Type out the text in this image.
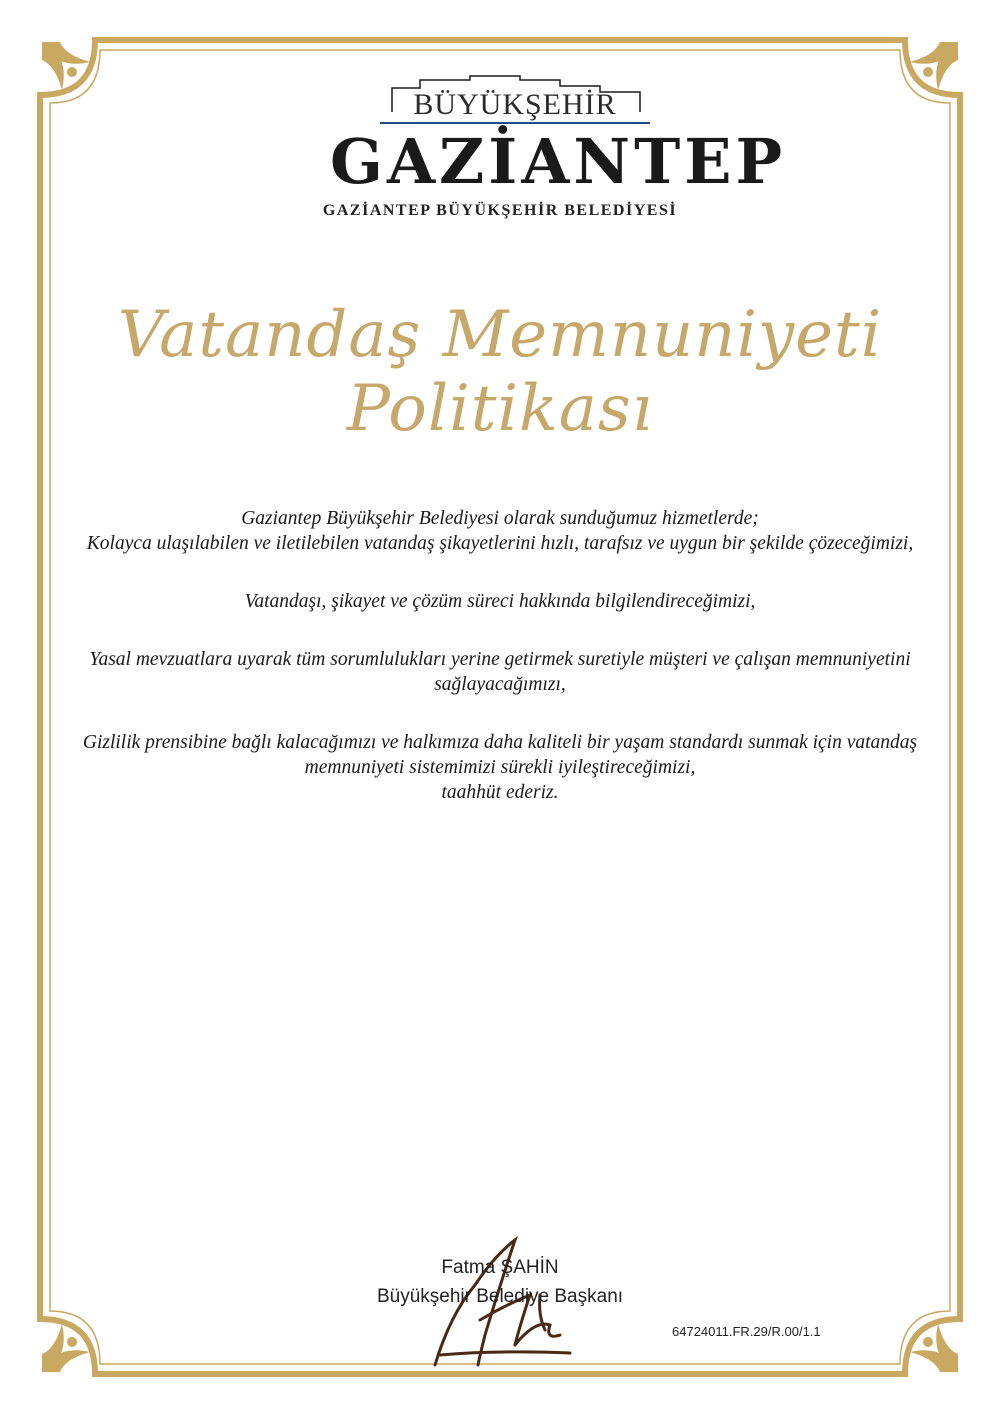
BÜYÜKŞEHİR
GAZİANTEP
GAZİANTEP BÜYÜKŞEHİR BELEDİYESİ
Vatandaş Memnuniyeti Politikası

Gaziantep Büyükşehir Belediyesi olarak sunduğumuz hizmetlerde;
Kolayca ulaşılabilen ve iletilebilen vatandaş şikayetlerini hızlı, tarafsız ve uygun bir şekilde çözeceğimizi,

Vatandaşı, şikayet ve çözüm süreci hakkında bilgilendireceğimizi,

Yasal mevzuatlara uyarak tüm sorumlulukları yerine getirmek suretiyle müşteri ve çalışan memnuniyetini sağlayacağımızı,

Gizlilik prensibine bağlı kalacağımızı ve halkımıza daha kaliteli bir yaşam standardı sunmak için vatandaş memnuniyeti sistemimizi sürekli iyileştireceğimizi,
taahhüt ederiz.

Fatma ŞAHİN
Büyükşehir Belediye Başkanı
64724011.FR.29/R.00/1.1
